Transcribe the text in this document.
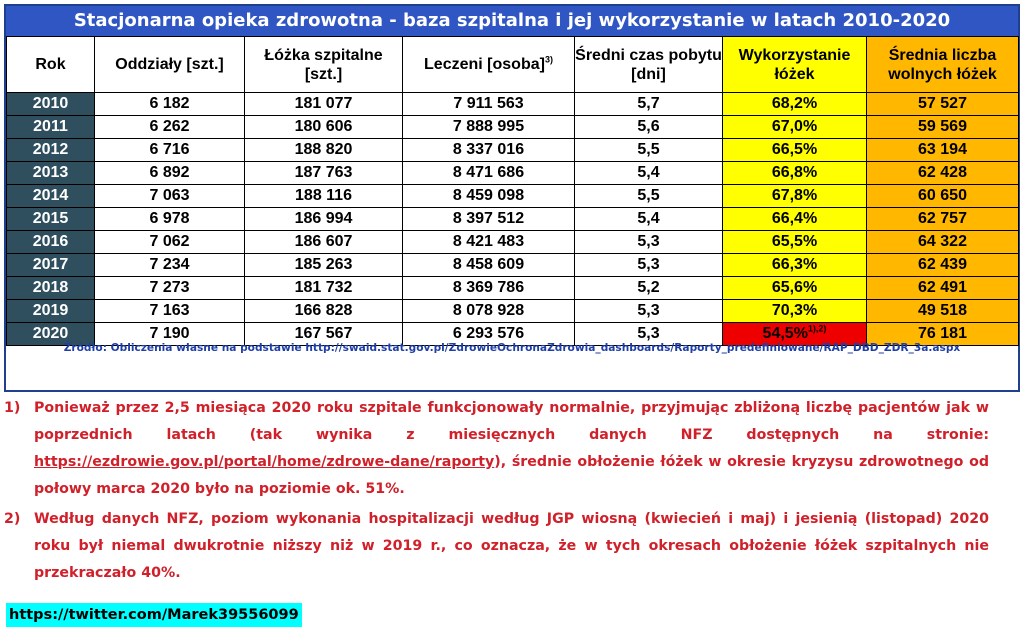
Stacjonarna opieka zdrowotna - baza szpitalna i jej wykorzystanie w latach 2010-2020
Rok	Oddziały [szt.]	Łóżka szpitalne [szt.]	Leczeni [osoba]$^{3)}$	Średni czas pobytu [dni]	Wykorzystanie łóżek	Średnia liczba wolnych łóżek
2010	6 182	181 077	7 911 563	5,7	68,2%	57 527
2011	6 262	180 606	7 888 995	5,6	67,0%	59 569
2012	6 716	188 820	8 337 016	5,5	66,5%	63 194
2013	6 892	187 763	8 471 686	5,4	66,8%	62 428
2014	7 063	188 116	8 459 098	5,5	67,8%	60 650
2015	6 978	186 994	8 397 512	5,4	66,4%	62 757
2016	7 062	186 607	8 421 483	5,3	65,5%	64 322
2017	7 234	185 263	8 458 609	5,3	66,3%	62 439
2018	7 273	181 732	8 369 786	5,2	65,6%	62 491
2019	7 163	166 828	8 078 928	5,3	70,3%	49 518
2020	7 190	167 567	6 293 576	5,3	54,5%$^{1),2)}$	76 181
Źródło: Obliczenia własne na podstawie http://swaid.stat.gov.pl/ZdrowieOchronaZdrowia_dashboards/Raporty_predefiniowane/RAP_DBD_ZDR_3a.aspx
1) Ponieważ przez 2,5 miesiąca 2020 roku szpitale funkcjonowały normalnie, przyjmując zbliżoną liczbę pacjentów jak w poprzednich latach (tak wynika z miesięcznych danych NFZ dostępnych na stronie: https://ezdrowie.gov.pl/portal/home/zdrowe-dane/raporty), średnie obłożenie łóżek w okresie kryzysu zdrowotnego od połowy marca 2020 było na poziomie ok. 51%.
2) Według danych NFZ, poziom wykonania hospitalizacji według JGP wiosną (kwiecień i maj) i jesienią (listopad) 2020 roku był niemal dwukrotnie niższy niż w 2019 r., co oznacza, że w tych okresach obłożenie łóżek szpitalnych nie przekraczało 40%.
https://twitter.com/Marek39556099
